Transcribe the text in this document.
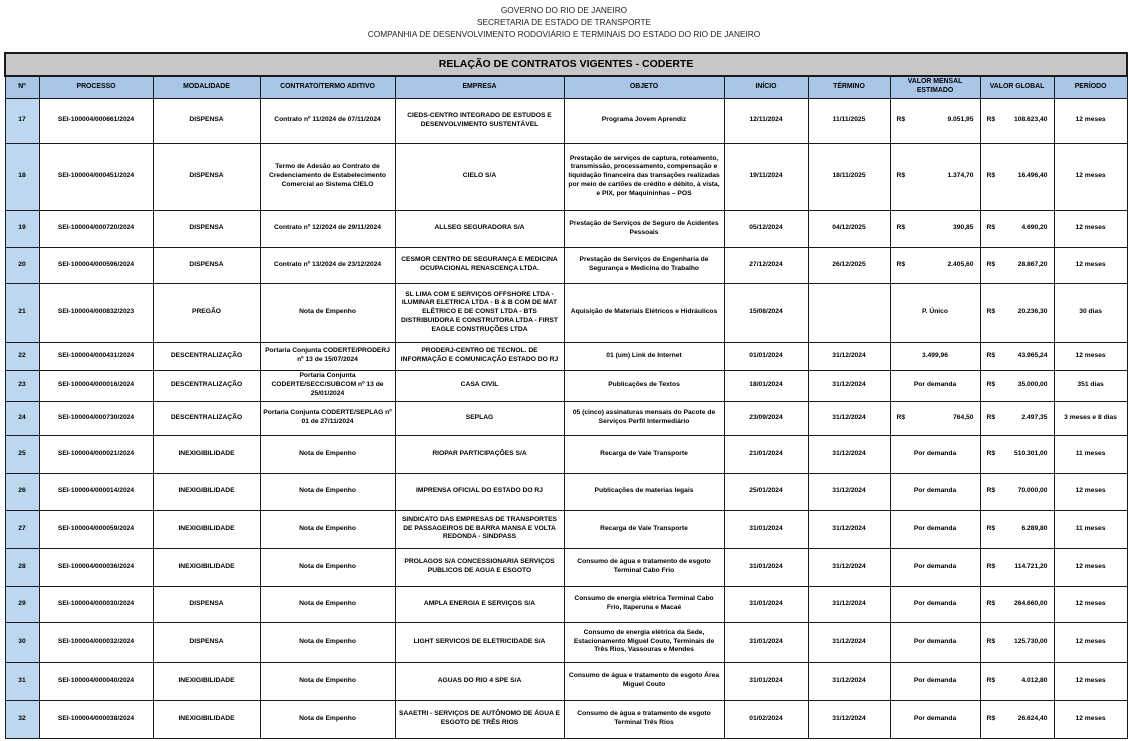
GOVERNO DO RIO DE JANEIRO
SECRETARIA DE ESTADO DE TRANSPORTE
COMPANHIA DE DESENVOLVIMENTO RODOVIÁRIO E TERMINAIS DO ESTADO DO RIO DE JANEIRO
RELAÇÃO DE CONTRATOS VIGENTES - CODERTE										
Nº	PROCESSO	MODALIDADE	CONTRATO/TERMO ADITIVO	EMPRESA	OBJETO	INÍCIO	TÉRMINO	VALOR MENSAL ESTIMADO	VALOR GLOBAL	PERÍODO
17	SEI-100004/000661/2024	DISPENSA	Contrato nº 11/2024 de 07/11/2024	CIEDS-CENTRO INTEGRADO DE ESTUDOS E DESENVOLVIMENTO SUSTENTÁVEL	Programa Jovem Aprendiz	12/11/2024	11/11/2025	R$ 9.051,95	R$ 108.623,40	12 meses
18	SEI-100004/000451/2024	DISPENSA	Termo de Adesão ao Contrato de Credenciamento de Estabelecimento Comercial ao Sistema CIELO	CIELO S/A	Prestação de serviços de captura, roteamento, transmissão, processamento, compensação e liquidação financeira das transações realizadas por meio de cartões de crédito e débito, à vista, e PIX, por Maquininhas – POS	19/11/2024	18/11/2025	R$ 1.374,70	R$ 16.496,40	12 meses
19	SEI-100004/000720/2024	DISPENSA	Contrato nº 12/2024 de 29/11/2024	ALLSEG SEGURADORA S/A	Prestação de Serviços de Seguro de Acidentes Pessoais	05/12/2024	04/12/2025	R$ 390,85	R$ 4.690,20	12 meses
20	SEI-100004/000596/2024	DISPENSA	Contrato nº 13/2024 de 23/12/2024	CESMOR CENTRO DE SEGURANÇA E MEDICINA OCUPACIONAL RENASCENÇA LTDA.	Prestação de Serviços de Engenharia de Segurança e Medicina do Trabalho	27/12/2024	26/12/2025	R$ 2.405,60	R$ 28.867,20	12 meses
21	SEI-100004/000832/2023	PREGÃO	Nota de Empenho	SL LIMA COM E SERVIÇOS OFFSHORE LTDA - ILUMINAR ELETRICA LTDA - B & B COM DE MAT ELÉTRICO E DE CONST LTDA - BTS DISTRIBUIDORA E CONSTRUTORA LTDA - FIRST EAGLE CONSTRUÇÕES LTDA	Aquisição de Materiais Elétricos e Hidráulicos	15/08/2024		P. Único	R$ 20.236,30	30 dias
22	SEI-100004/000431/2024	DESCENTRALIZAÇÃO	Portaria Conjunta CODERTE/PRODERJ nº 13 de 15/07/2024	PRODERJ-CENTRO DE TECNOL. DE INFORMAÇÃO E COMUNICAÇÃO ESTADO DO RJ	01 (um) Link de Internet	01/01/2024	31/12/2024	3.499,96	R$ 43.965,24	12 meses
23	SEI-100004/000016/2024	DESCENTRALIZAÇÃO	Portaria Conjunta CODERTE/SECC/SUBCOM nº 13 de 25/01/2024	CASA CIVIL	Publicações de Textos	18/01/2024	31/12/2024	Por demanda	R$ 35.000,00	351 dias
24	SEI-100004/000730/2024	DESCENTRALIZAÇÃO	Portaria Conjunta CODERTE/SEPLAG nº 01 de 27/11/2024	SEPLAG	05 (cinco) assinaturas mensais do Pacote de Serviços Perfil Intermediário	23/09/2024	31/12/2024	R$ 764,50	R$ 2.497,35	3 meses e 8 dias
25	SEI-100004/000021/2024	INEXIGIBILIDADE	Nota de Empenho	RIOPAR PARTICIPAÇÕES S/A	Recarga de Vale Transporte	21/01/2024	31/12/2024	Por demanda	R$ 510.301,00	11 meses
26	SEI-100004/000014/2024	INEXIGIBILIDADE	Nota de Empenho	IMPRENSA OFICIAL DO ESTADO DO RJ	Publicações de materias legais	25/01/2024	31/12/2024	Por demanda	R$ 70.000,00	12 meses
27	SEI-100004/000059/2024	INEXIGIBILIDADE	Nota de Empenho	SINDICATO DAS EMPRESAS DE TRANSPORTES DE PASSAGEIROS DE BARRA MANSA E VOLTA REDONDA - SINDPASS	Recarga de Vale Transporte	31/01/2024	31/12/2024	Por demanda	R$ 6.289,80	11 meses
28	SEI-100004/000036/2024	INEXIGIBILIDADE	Nota de Empenho	PROLAGOS S/A CONCESSIONARIA SERVIÇOS PUBLICOS DE AGUA E ESGOTO	Consumo de água e tratamento de esgoto Terminal Cabo Frio	31/01/2024	31/12/2024	Por demanda	R$ 114.721,20	12 meses
29	SEI-100004/000030/2024	DISPENSA	Nota de Empenho	AMPLA ENERGIA E SERVIÇOS S/A	Consumo de energia elétrica Terminal Cabo Frio, Itaperuna e Macaé	31/01/2024	31/12/2024	Por demanda	R$ 264.660,00	12 meses
30	SEI-100004/000032/2024	DISPENSA	Nota de Empenho	LIGHT SERVICOS DE ELETRICIDADE S/A	Consumo de energia elétrica da Sede, Estacionamento Miguel Couto, Terminais de Três Rios, Vassouras e Mendes	31/01/2024	31/12/2024	Por demanda	R$ 125.730,00	12 meses
31	SEI-100004/000040/2024	INEXIGIBILIDADE	Nota de Empenho	AGUAS DO RIO 4 SPE S/A	Consumo de água e tratamento de esgoto Área Miguel Couto	31/01/2024	31/12/2024	Por demanda	R$ 4.012,80	12 meses
32	SEI-100004/000038/2024	INEXIGIBILIDADE	Nota de Empenho	SAAETRI - SERVIÇOS DE AUTÔNOMO DE ÁGUA E ESGOTO DE TRÊS RIOS	Consumo de água e tratamento de esgoto Terminal Três Rios	01/02/2024	31/12/2024	Por demanda	R$ 26.624,40	12 meses
